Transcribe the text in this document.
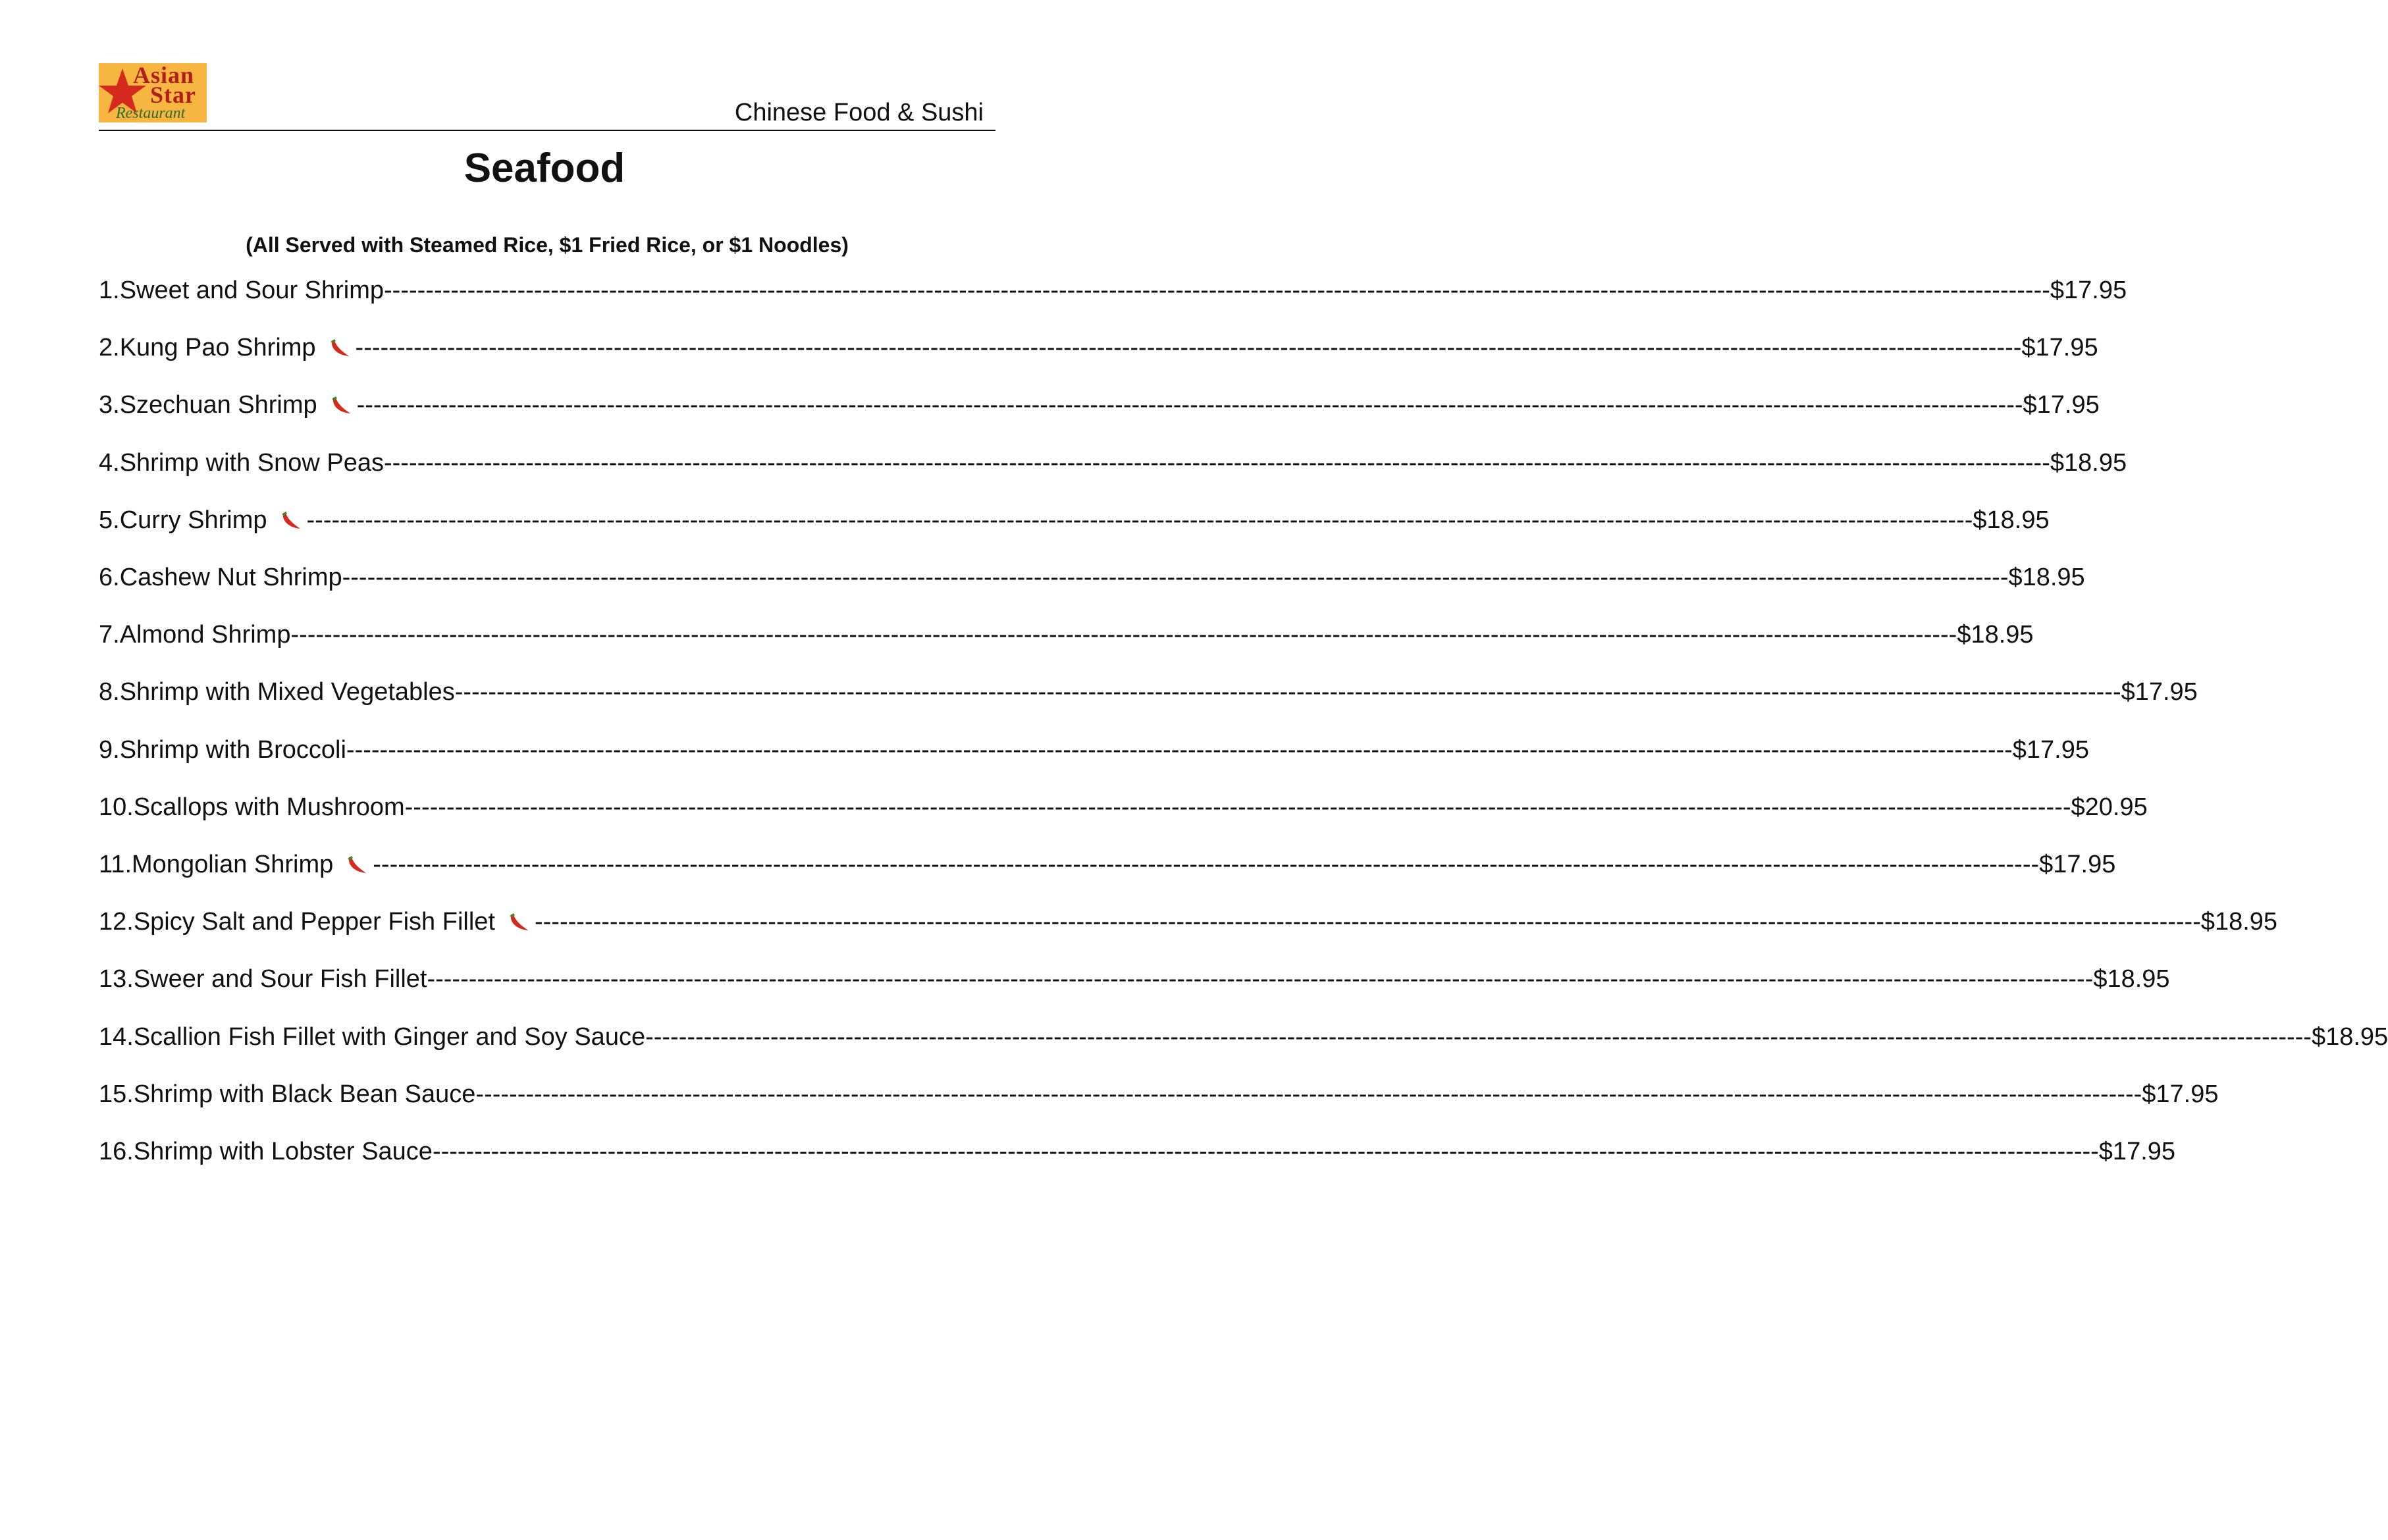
Asian
Star
Restaurant	Chinese Food & Sushi
Seafood
(All Served with Steamed Rice, $1 Fried Rice, or $1 Noodles)
1. Sweet and Sour Shrimp -------------------------------------------------------------------------------------------------------------------------------------------------------------------------------------------------------- $17.95
2. Kung Pao Shrimp -------------------------------------------------------------------------------------------------------------------------------------------------------------------------------------------------------- $17.95
3. Szechuan Shrimp -------------------------------------------------------------------------------------------------------------------------------------------------------------------------------------------------------- $17.95
4. Shrimp with Snow Peas -------------------------------------------------------------------------------------------------------------------------------------------------------------------------------------------------------- $18.95
5. Curry Shrimp -------------------------------------------------------------------------------------------------------------------------------------------------------------------------------------------------------- $18.95
6. Cashew Nut Shrimp -------------------------------------------------------------------------------------------------------------------------------------------------------------------------------------------------------- $18.95
7. Almond Shrimp -------------------------------------------------------------------------------------------------------------------------------------------------------------------------------------------------------- $18.95
8. Shrimp with Mixed Vegetables -------------------------------------------------------------------------------------------------------------------------------------------------------------------------------------------------------- $17.95
9. Shrimp with Broccoli -------------------------------------------------------------------------------------------------------------------------------------------------------------------------------------------------------- $17.95
10. Scallops with Mushroom -------------------------------------------------------------------------------------------------------------------------------------------------------------------------------------------------------- $20.95
11. Mongolian Shrimp -------------------------------------------------------------------------------------------------------------------------------------------------------------------------------------------------------- $17.95
12. Spicy Salt and Pepper Fish Fillet -------------------------------------------------------------------------------------------------------------------------------------------------------------------------------------------------------- $18.95
13. Sweer and Sour Fish Fillet -------------------------------------------------------------------------------------------------------------------------------------------------------------------------------------------------------- $18.95
14. Scallion Fish Fillet with Ginger and Soy Sauce -------------------------------------------------------------------------------------------------------------------------------------------------------------------------------------------------------- $18.95
15. Shrimp with Black Bean Sauce -------------------------------------------------------------------------------------------------------------------------------------------------------------------------------------------------------- $17.95
16. Shrimp with Lobster Sauce -------------------------------------------------------------------------------------------------------------------------------------------------------------------------------------------------------- $17.95
